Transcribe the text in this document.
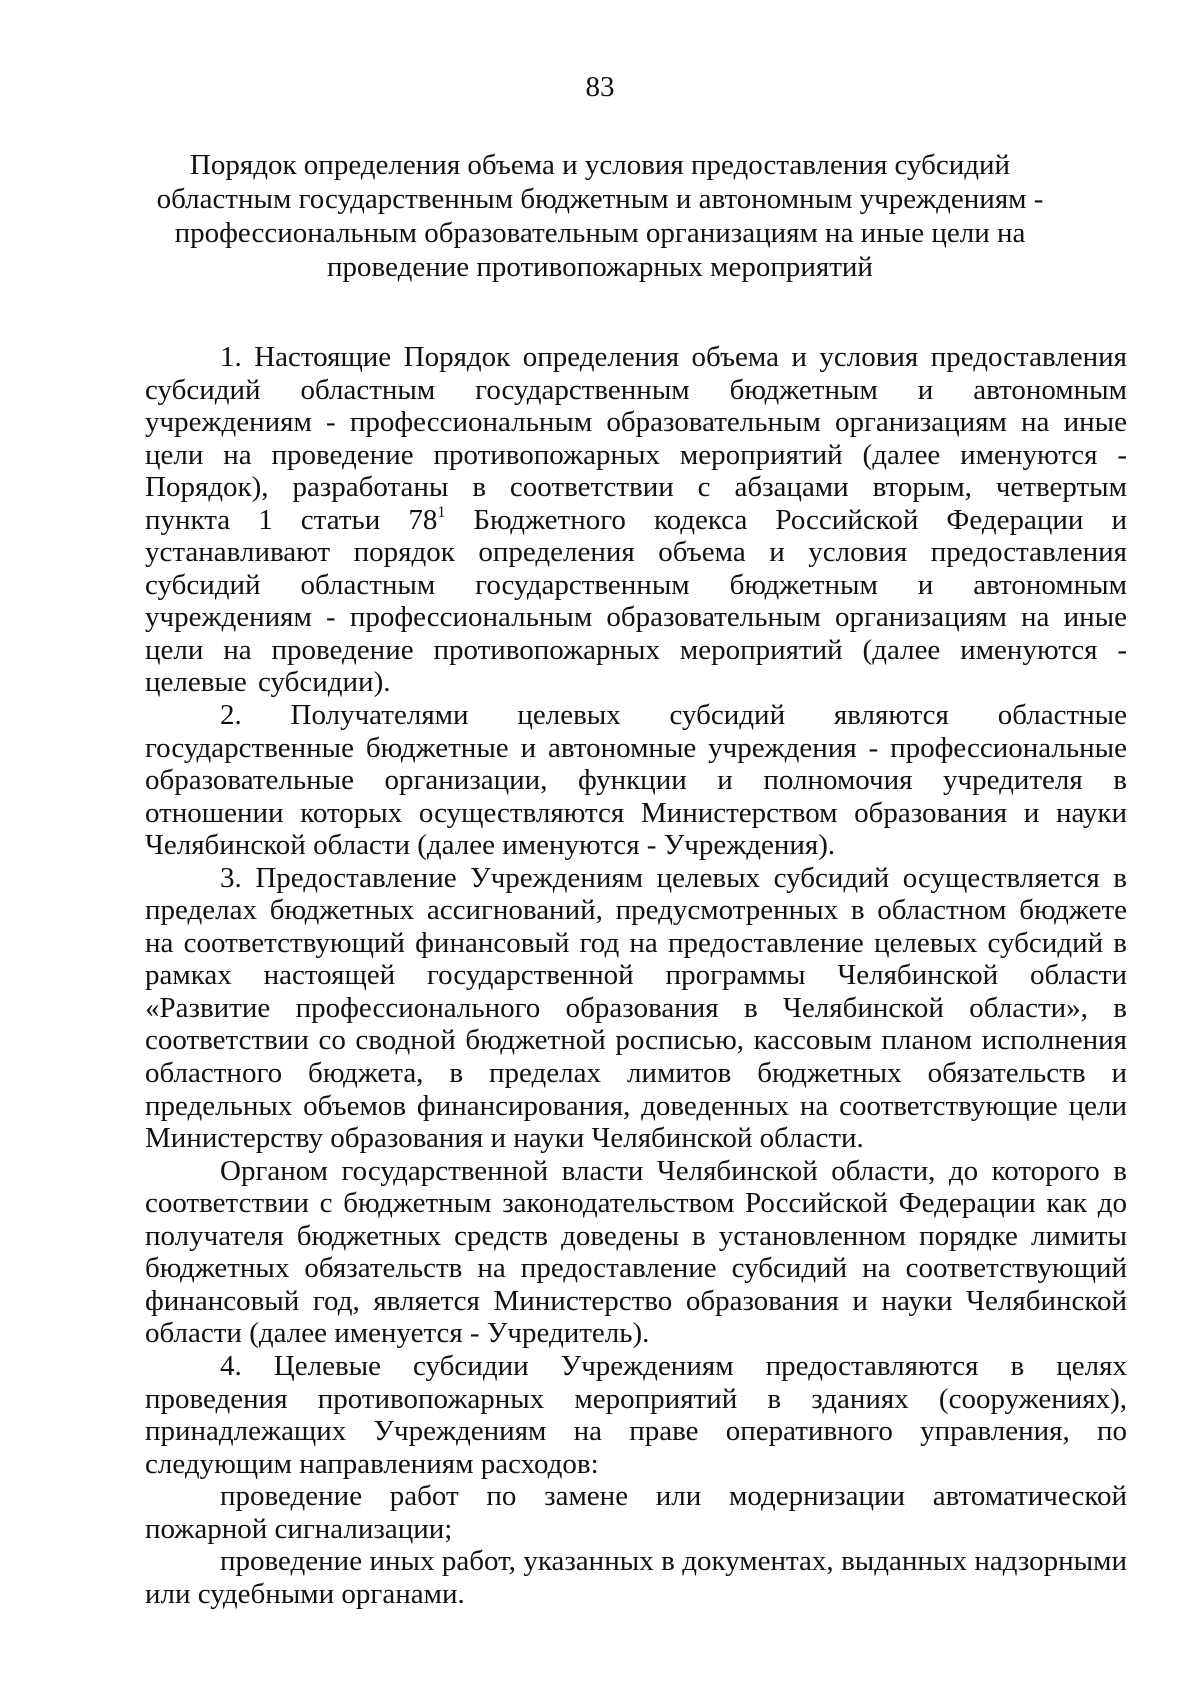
83
Порядок определения объема и условия предоставления субсидий областным государственным бюджетным и автономным учреждениям - профессиональным образовательным организациям на иные цели на проведение противопожарных мероприятий

1. Настоящие Порядок определения объема и условия предоставления субсидий областным государственным бюджетным и автономным учреждениям - профессиональным образовательным организациям на иные цели на проведение противопожарных мероприятий (далее именуются - Порядок), разработаны в соответствии с абзацами вторым, четвертым пункта 1 статьи $78^1$ Бюджетного кодекса Российской Федерации и устанавливают порядок определения объема и условия предоставления субсидий областным государственным бюджетным и автономным учреждениям - профессиональным образовательным организациям на иные цели на проведение противопожарных мероприятий (далее именуются - целевые субсидии).

2. Получателями целевых субсидий являются областные государственные бюджетные и автономные учреждения - профессиональные образовательные организации, функции и полномочия учредителя в отношении которых осуществляются Министерством образования и науки Челябинской области (далее именуются - Учреждения).

3. Предоставление Учреждениям целевых субсидий осуществляется в пределах бюджетных ассигнований, предусмотренных в областном бюджете на соответствующий финансовый год на предоставление целевых субсидий в рамках настоящей государственной программы Челябинской области «Развитие профессионального образования в Челябинской области», в соответствии со сводной бюджетной росписью, кассовым планом исполнения областного бюджета, в пределах лимитов бюджетных обязательств и предельных объемов финансирования, доведенных на соответствующие цели Министерству образования и науки Челябинской области.

Органом государственной власти Челябинской области, до которого в соответствии с бюджетным законодательством Российской Федерации как до получателя бюджетных средств доведены в установленном порядке лимиты бюджетных обязательств на предоставление субсидий на соответствующий финансовый год, является Министерство образования и науки Челябинской области (далее именуется - Учредитель).

4. Целевые субсидии Учреждениям предоставляются в целях проведения противопожарных мероприятий в зданиях (сооружениях), принадлежащих Учреждениям на праве оперативного управления, по следующим направлениям расходов:

проведение работ по замене или модернизации автоматической пожарной сигнализации;

проведение иных работ, указанных в документах, выданных надзорными или судебными органами.
